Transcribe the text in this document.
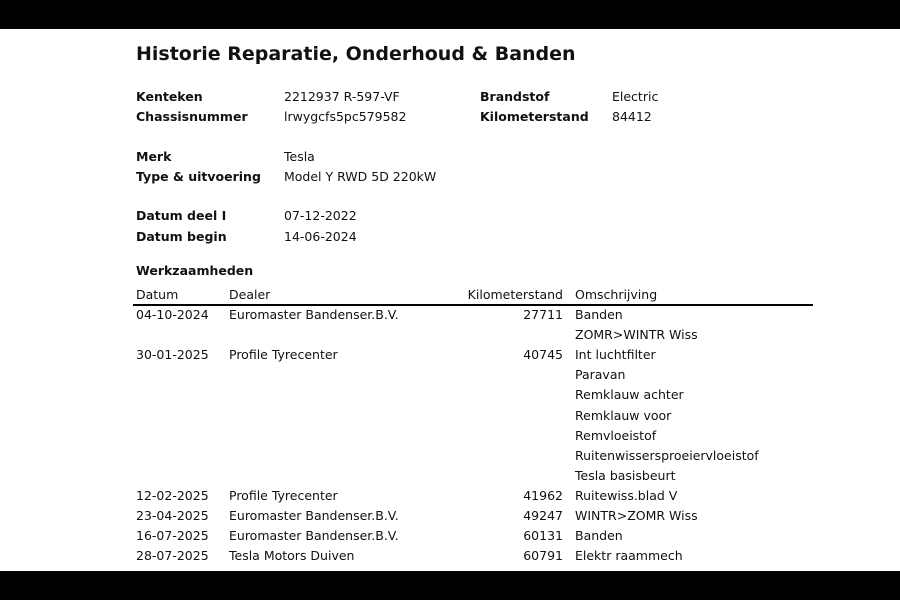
Historie Reparatie, Onderhoud & Banden
Kenteken	2212937 R-597-VF	Brandstof	Electric
Chassisnummer	lrwygcfs5pc579582	Kilometerstand 84412
Merk	Tesla
Type & uitvoering Model Y RWD 5D 220kW
Datum deel I	07-12-2022
Datum begin	14-06-2024
Werkzaamheden
Datum	Dealer	Kilometerstand Omschrijving
04-10-2024 Euromaster Bandenser.B.V.	27711 Banden
ZOMR>WINTR Wiss
30-01-2025 Profile Tyrecenter	40745 Int luchtfilter
Paravan
Remklauw achter
Remklauw voor
Remvloeistof
Ruitenwissersproeiervloeistof
Tesla basisbeurt
12-02-2025 Profile Tyrecenter	41962 Ruitewiss.blad V
23-04-2025 Euromaster Bandenser.B.V.	49247 WINTR>ZOMR Wiss
16-07-2025 Euromaster Bandenser.B.V.	60131 Banden
28-07-2025 Tesla Motors Duiven	60791 Elektr raammech
